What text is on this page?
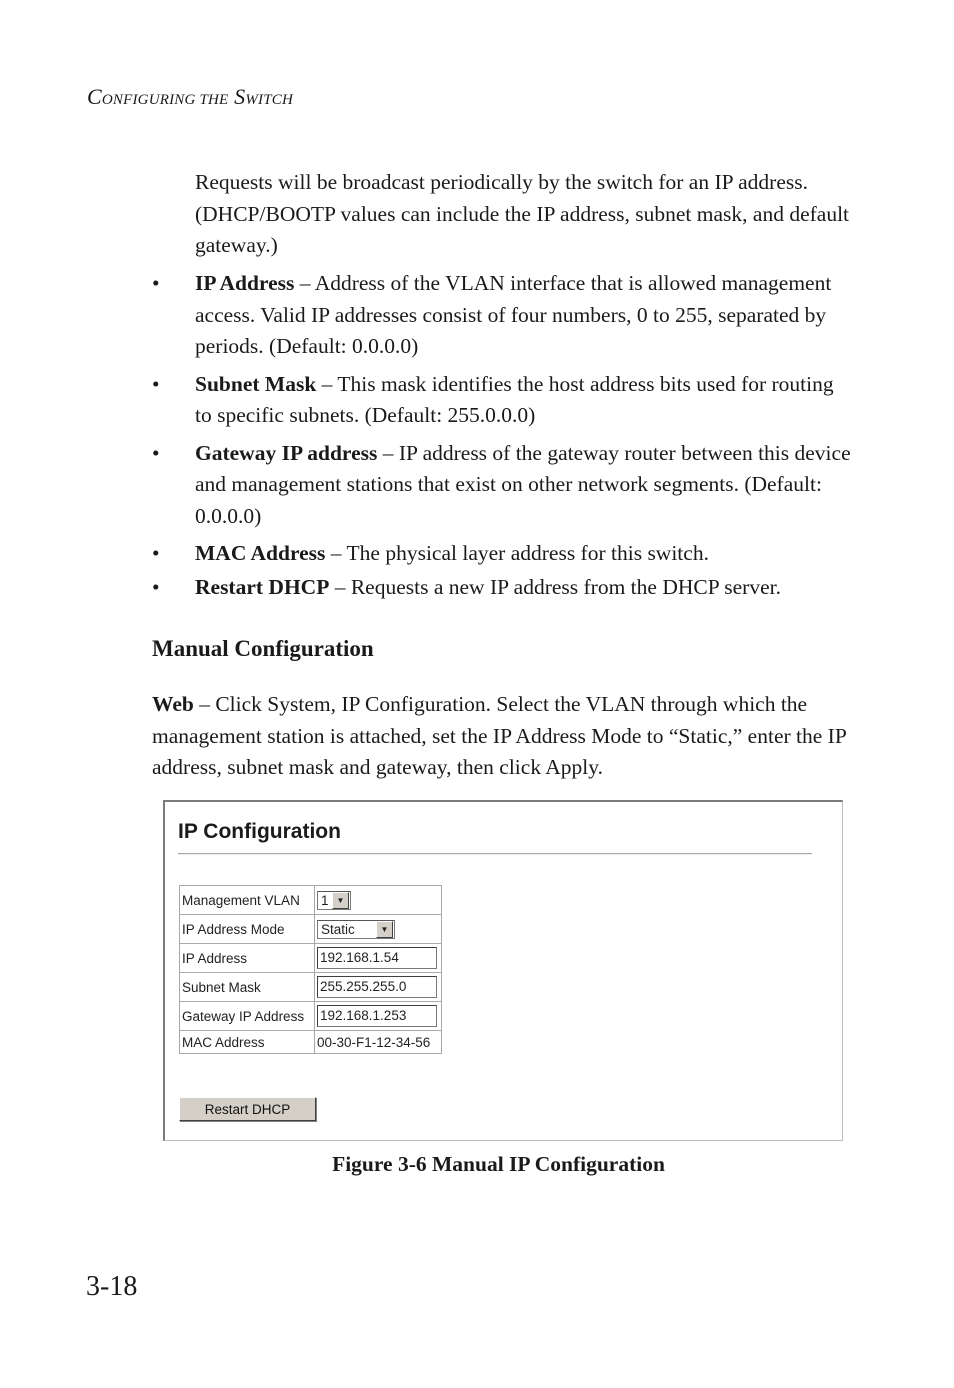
CONFIGURING THE SWITCH
Requests will be broadcast periodically by the switch for an IP address. (DHCP/BOOTP values can include the IP address, subnet mask, and default gateway.)
• IP Address – Address of the VLAN interface that is allowed management access. Valid IP addresses consist of four numbers, 0 to 255, separated by periods. (Default: 0.0.0.0)
• Subnet Mask – This mask identifies the host address bits used for routing to specific subnets. (Default: 255.0.0.0)
• Gateway IP address – IP address of the gateway router between this device and management stations that exist on other network segments. (Default: 0.0.0.0)
• MAC Address – The physical layer address for this switch.
• Restart DHCP – Requests a new IP address from the DHCP server.
Manual Configuration
Web – Click System, IP Configuration. Select the VLAN through which the management station is attached, set the IP Address Mode to “Static,” enter the IP address, subnet mask and gateway, then click Apply.
IP Configuration
Management VLAN	1 ▼

IP Address Mode	Static ▼

IP Address	192.168.1.54
Subnet Mask	255.255.255.0
Gateway IP Address	192.168.1.253
MAC Address	00-30-F1-12-34-56
Restart DHCP
Figure 3-6 Manual IP Configuration
3-18
